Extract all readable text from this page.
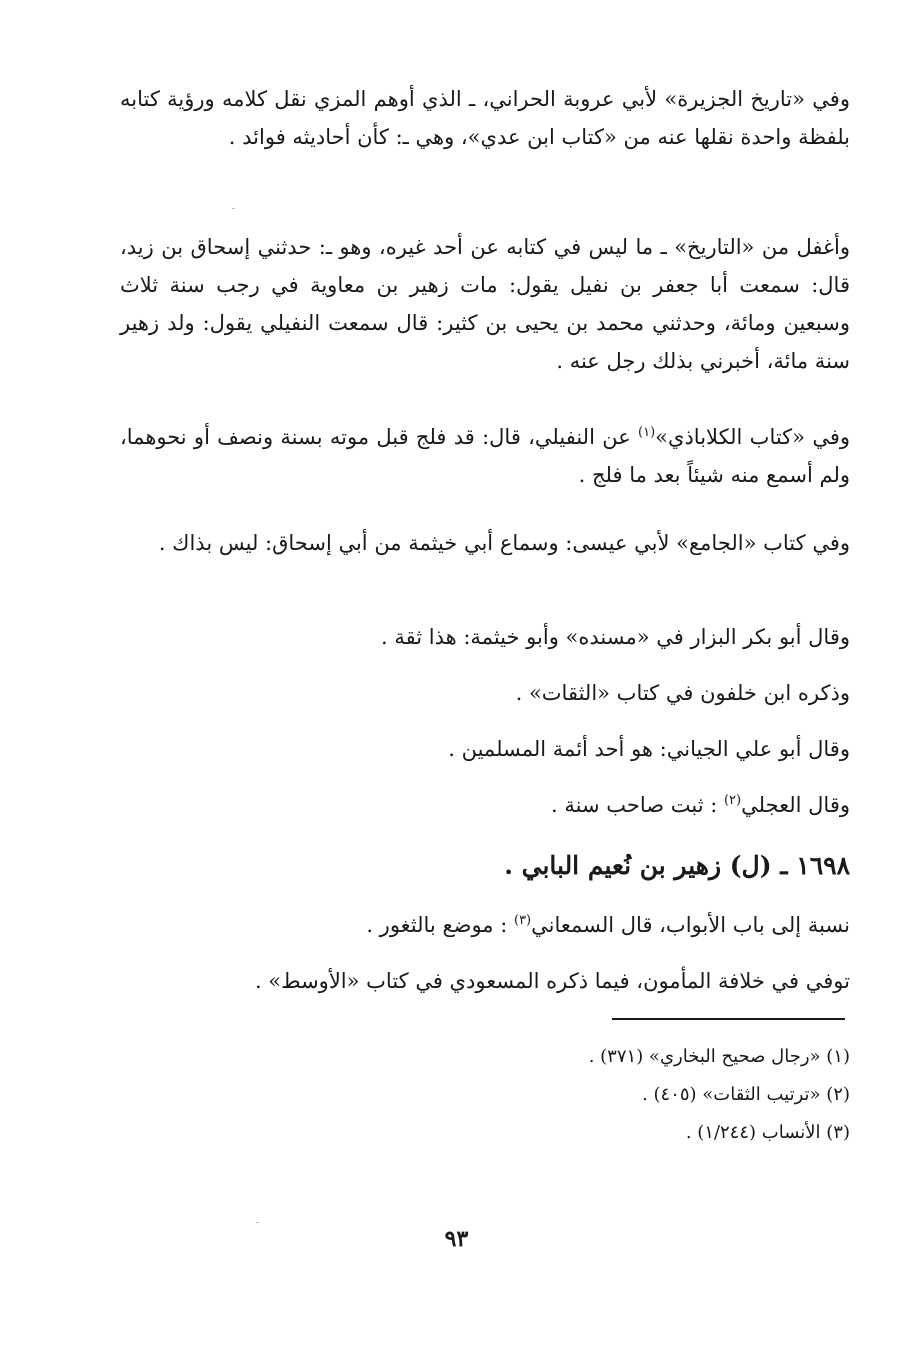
وفي «تاريخ الجزيرة» لأبي عروبة الحراني، ـ الذي أوهم المزي نقل كلامه ورؤية كتابه بلفظة واحدة نقلها عنه من «كتاب ابن عدي»، وهي ـ: كأن أحاديثه فوائد .

وأغفل من «التاريخ» ـ ما ليس في كتابه عن أحد غيره، وهو ـ: حدثني إسحاق بن زيد، قال: سمعت أبا جعفر بن نفيل يقول: مات زهير بن معاوية في رجب سنة ثلاث وسبعين ومائة، وحدثني محمد بن يحيى بن كثير: قال سمعت النفيلي يقول: ولد زهير سنة مائة، أخبرني بذلك رجل عنه .

وفي «كتاب الكلاباذي»$^{(١)}$ عن النفيلي، قال: قد فلج قبل موته بسنة ونصف أو نحوهما، ولم أسمع منه شيئاً بعد ما فلج .

وفي كتاب «الجامع» لأبي عيسى: وسماع أبي خيثمة من أبي إسحاق: ليس بذاك .

وقال أبو بكر البزار في «مسنده» وأبو خيثمة: هذا ثقة .

وذكره ابن خلفون في كتاب «الثقات» .

وقال أبو علي الجياني: هو أحد أئمة المسلمين .

وقال العجلي$^{(٢)}$ : ثبت صاحب سنة .

١٦٩٨ ـ (ل) زهير بن نُعيم البابي .

نسبة إلى باب الأبواب، قال السمعاني$^{(٣)}$ : موضع بالثغور .

توفي في خلافة المأمون، فيما ذكره المسعودي في كتاب «الأوسط» .

(١) «رجال صحيح البخاري» (٣٧١) .
(٢) «ترتيب الثقات» (٤٠٥) .
(٣) الأنساب (١/٢٤٤) .
٩٣
